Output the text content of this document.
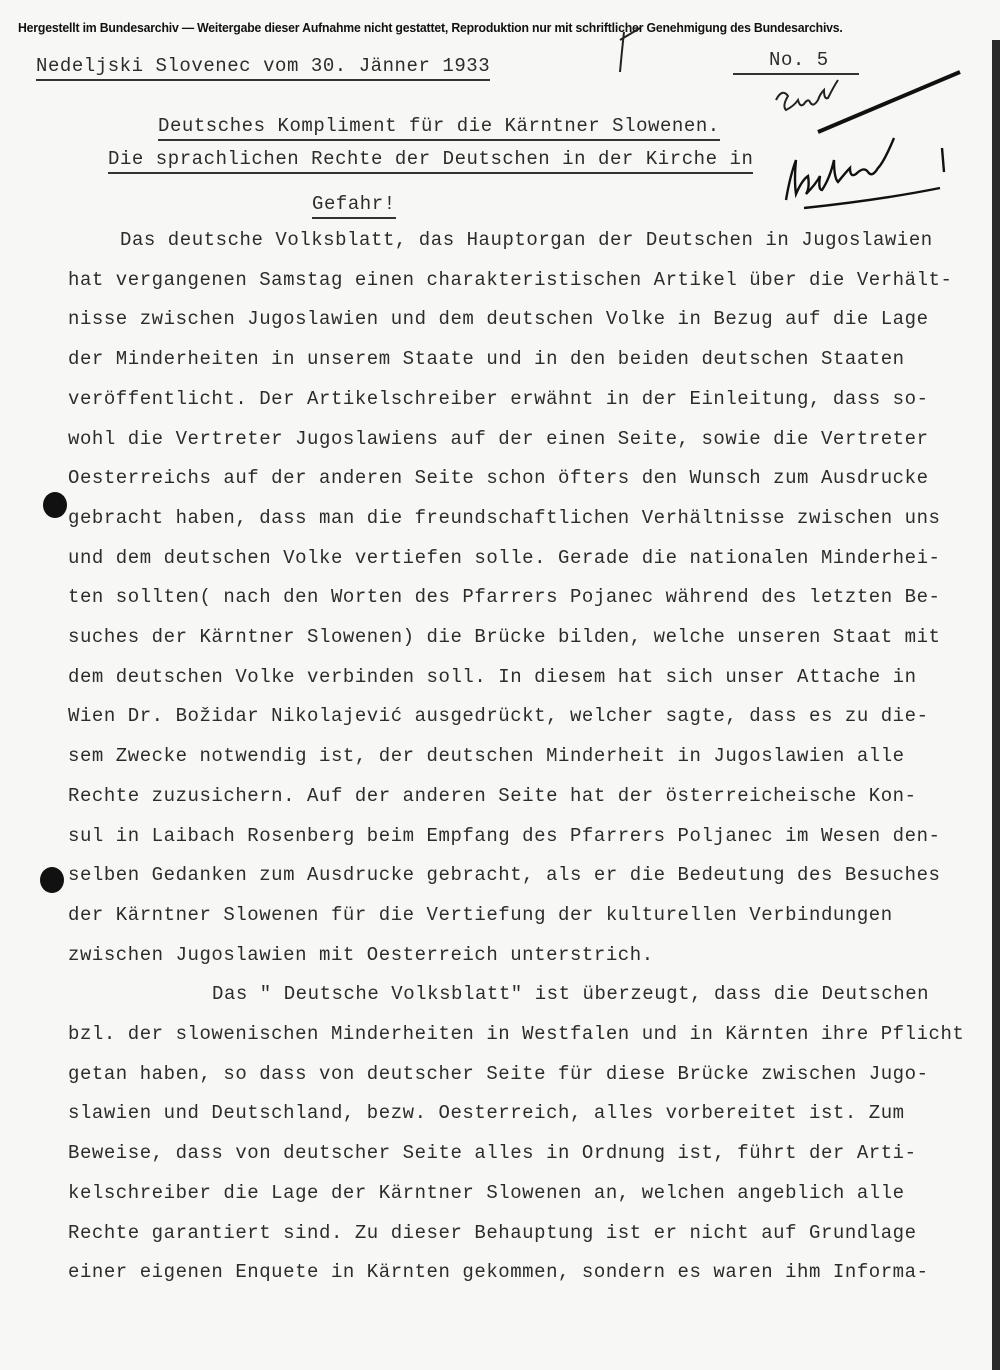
Hergestellt im Bundesarchiv — Weitergabe dieser Aufnahme nicht gestattet, Reproduktion nur mit schriftlicher Genehmigung des Bundesarchivs.
Nedeljski Slovenec vom 30. Jänner 1933	No. 5
Deutsches Kompliment für die Kärntner Slowenen.
Die sprachlichen Rechte der Deutschen in der Kirche in
Gefahr!
Das deutsche Volksblatt, das Hauptorgan der Deutschen in Jugoslawien
hat vergangenen Samstag einen charakteristischen Artikel über die Verhält-
nisse zwischen Jugoslawien und dem deutschen Volke in Bezug auf die Lage
der Minderheiten in unserem Staate und in den beiden deutschen Staaten
veröffentlicht. Der Artikelschreiber erwähnt in der Einleitung, dass so-
wohl die Vertreter Jugoslawiens auf der einen Seite, sowie die Vertreter
Oesterreichs auf der anderen Seite schon öfters den Wunsch zum Ausdrucke
gebracht haben, dass man die freundschaftlichen Verhältnisse zwischen uns
und dem deutschen Volke vertiefen solle. Gerade die nationalen Minderhei-
ten sollten( nach den Worten des Pfarrers Pojanec während des letzten Be-
suches der Kärntner Slowenen) die Brücke bilden, welche unseren Staat mit
dem deutschen Volke verbinden soll. In diesem hat sich unser Attache in
Wien Dr. Božidar Nikolajević ausgedrückt, welcher sagte, dass es zu die-
sem Zwecke notwendig ist, der deutschen Minderheit in Jugoslawien alle
Rechte zuzusichern. Auf der anderen Seite hat der österreicheische Kon-
sul in Laibach Rosenberg beim Empfang des Pfarrers Poljanec im Wesen den-
selben Gedanken zum Ausdrucke gebracht, als er die Bedeutung des Besuches
der Kärntner Slowenen für die Vertiefung der kulturellen Verbindungen
zwischen Jugoslawien mit Oesterreich unterstrich.
Das " Deutsche Volksblatt" ist überzeugt, dass die Deutschen
bzl. der slowenischen Minderheiten in Westfalen und in Kärnten ihre Pflicht
getan haben, so dass von deutscher Seite für diese Brücke zwischen Jugo-
slawien und Deutschland, bezw. Oesterreich, alles vorbereitet ist. Zum
Beweise, dass von deutscher Seite alles in Ordnung ist, führt der Arti-
kelschreiber die Lage der Kärntner Slowenen an, welchen angeblich alle
Rechte garantiert sind. Zu dieser Behauptung ist er nicht auf Grundlage
einer eigenen Enquete in Kärnten gekommen, sondern es waren ihm Informa-
